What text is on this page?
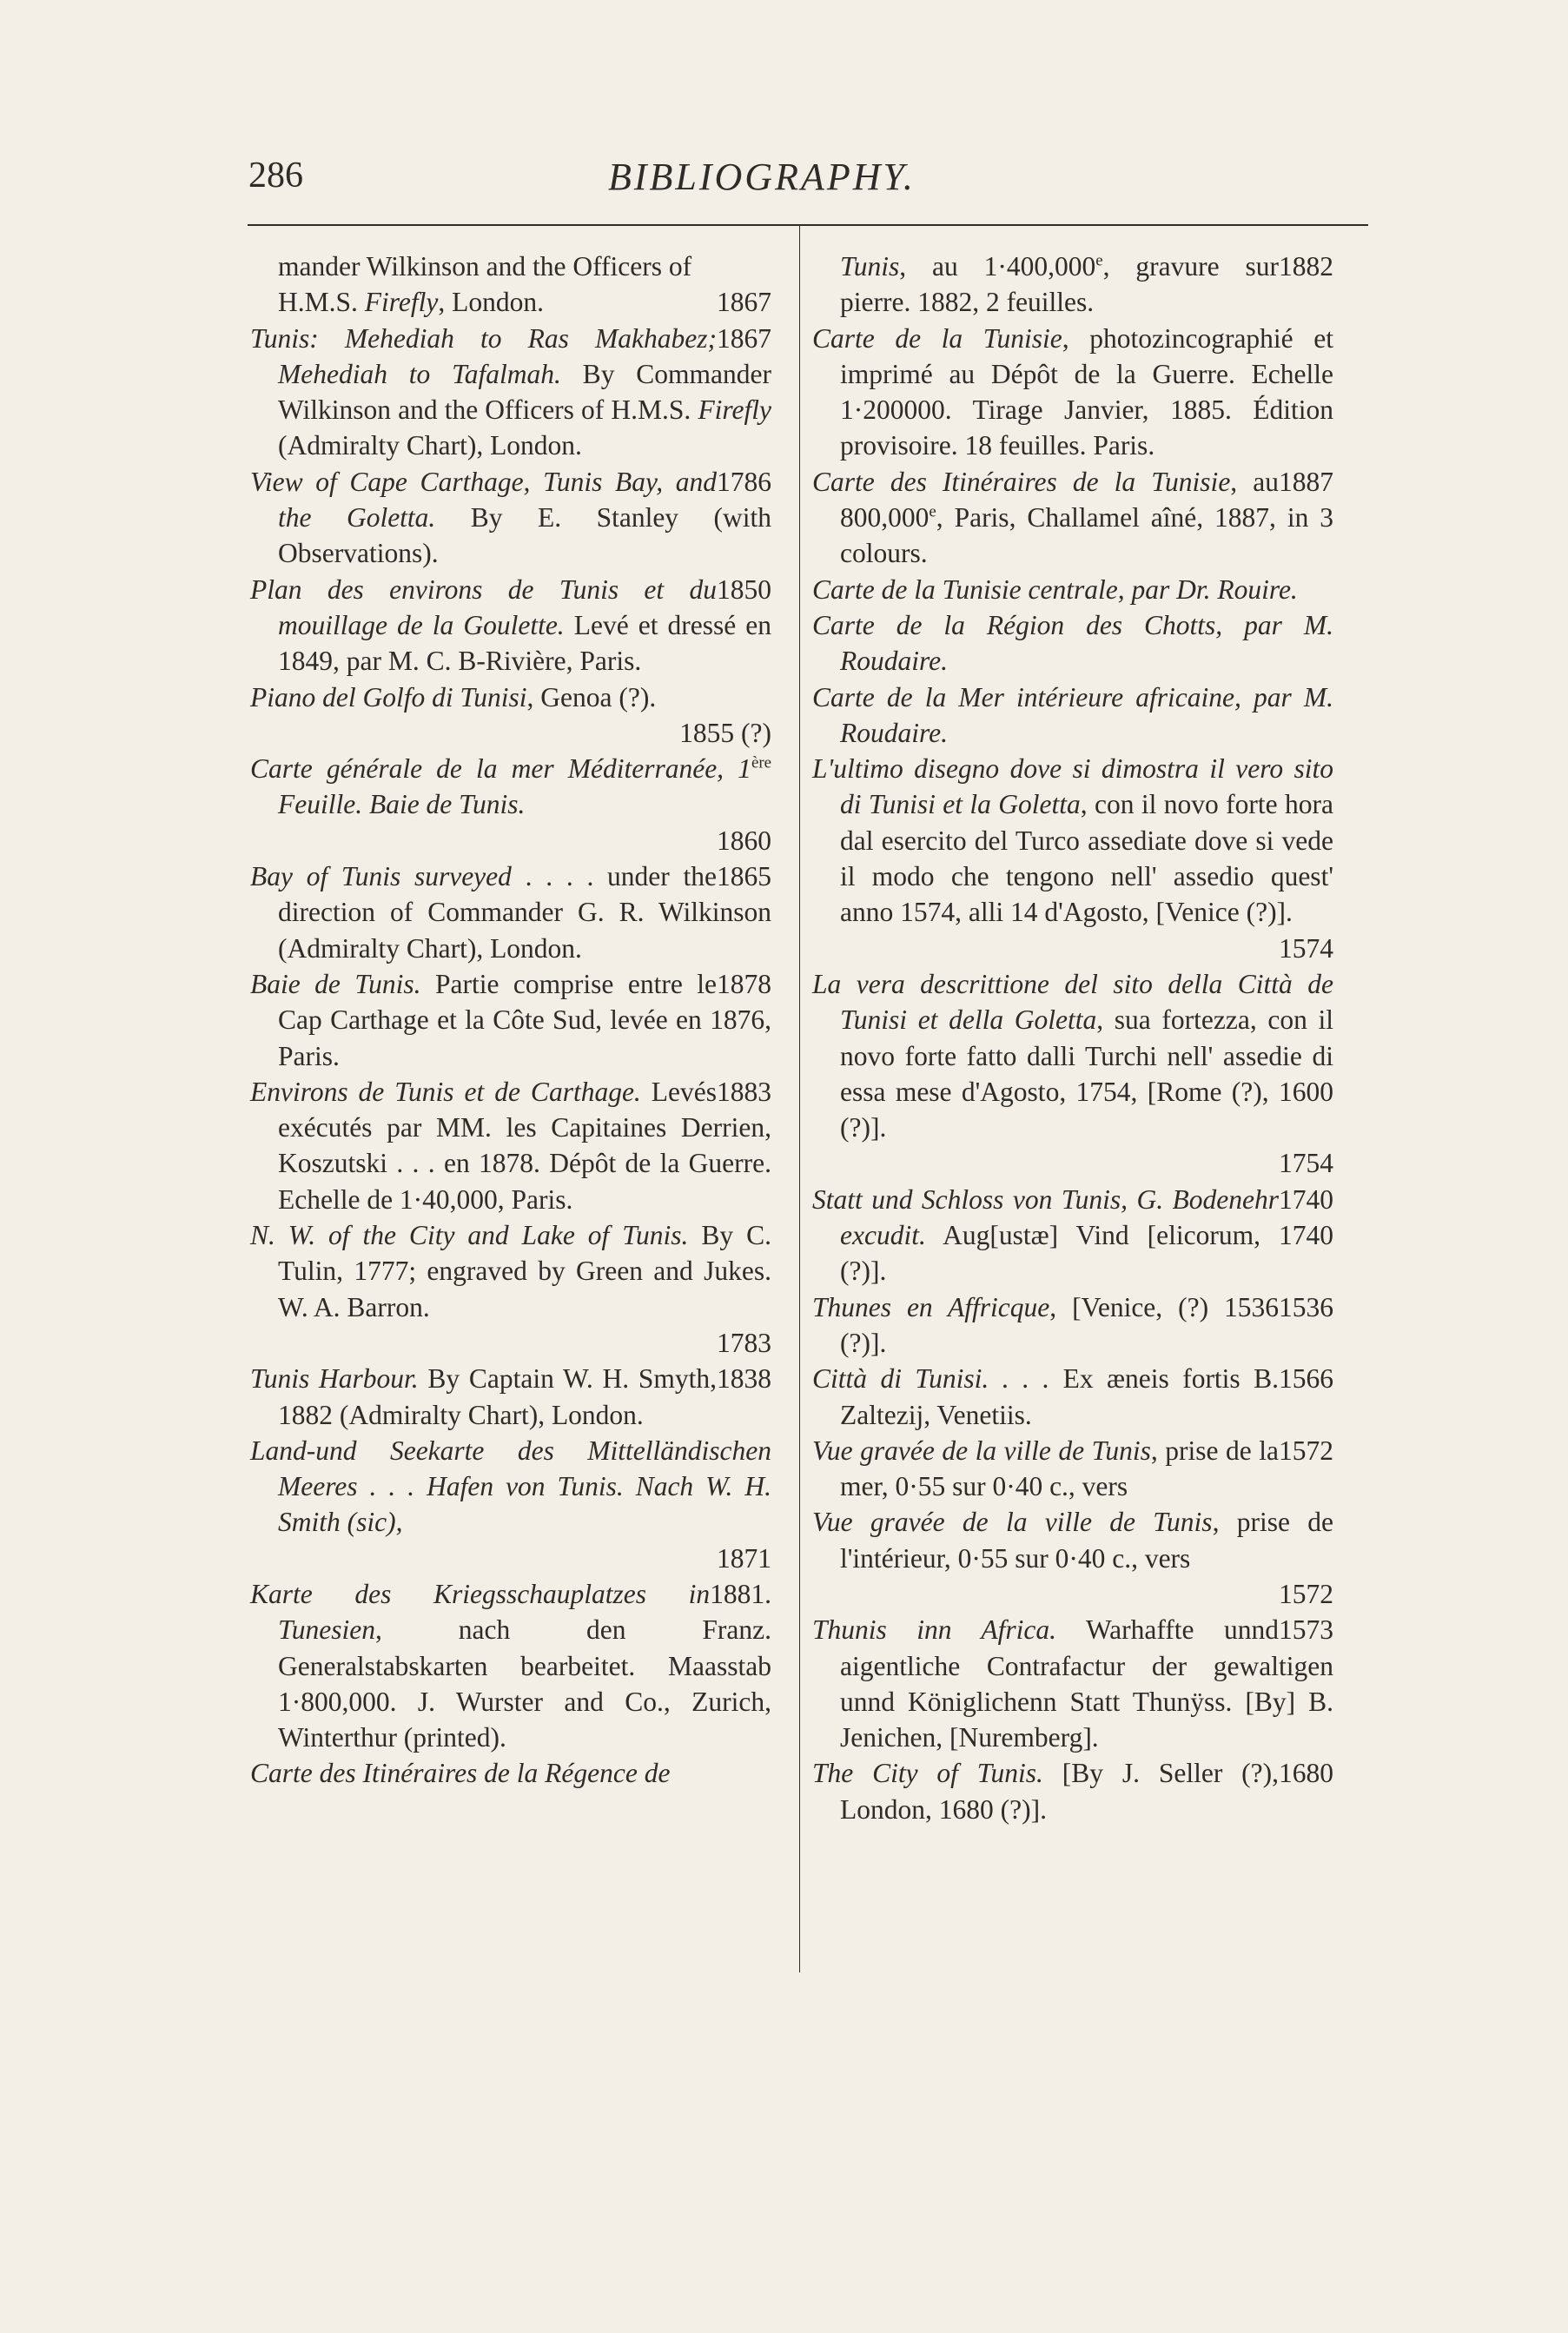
286	BIBLIOGRAPHY.

mander Wilkinson and the Officers of
1867
H.M.S. Firefly, London.

1867
Tunis: Mehediah to Ras Makhabez; Mehediah to Tafalmah. By Commander Wilkinson and the Officers of H.M.S. Firefly (Admiralty Chart), London.

1786
View of Cape Carthage, Tunis Bay, and the Goletta. By E. Stanley (with Observations).

1850
Plan des environs de Tunis et du mouillage de la Goulette. Levé et dressé en 1849, par M. C. B-Rivière, Paris.

Piano del Golfo di Tunisi, Genoa (?).
1855 (?)

Carte générale de la mer Méditerranée, 1ère Feuille. Baie de Tunis.
1860

1865
Bay of Tunis surveyed . . . . under the direction of Commander G. R. Wilkinson (Admiralty Chart), London.

1878
Baie de Tunis. Partie comprise entre le Cap Carthage et la Côte Sud, levée en 1876, Paris.

1883
Environs de Tunis et de Carthage. Levés exécutés par MM. les Capitaines Derrien, Koszutski . . . en 1878. Dépôt de la Guerre. Echelle de 1·40,000, Paris.

N. W. of the City and Lake of Tunis. By C. Tulin, 1777; engraved by Green and Jukes. W. A. Barron.
1783

1838
Tunis Harbour. By Captain W. H. Smyth, 1882 (Admiralty Chart), London.

Land-und Seekarte des Mittelländischen Meeres . . . Hafen von Tunis. Nach W. H. Smith (sic),
1871

1881.
Karte des Kriegsschauplatzes in Tunesien, nach den Franz. Generalstabskarten bearbeitet. Maasstab 1·800,000. J. Wurster and Co., Zurich, Winterthur (printed).

Carte des Itinéraires de la Régence de

1882
Tunis, au 1·400,000$^e$, gravure sur pierre. 1882, 2 feuilles.

Carte de la Tunisie, photozincographié et imprimé au Dépôt de la Guerre. Echelle 1·200000. Tirage Janvier, 1885. Édition provisoire. 18 feuilles. Paris.

1887
Carte des Itinéraires de la Tunisie, au 800,000e, Paris, Challamel aîné, 1887, in 3 colours.

Carte de la Tunisie centrale, par Dr. Rouire.

Carte de la Région des Chotts, par M. Roudaire.

Carte de la Mer intérieure africaine, par M. Roudaire.

L'ultimo disegno dove si dimostra il vero sito di Tunisi et la Goletta, con il novo forte hora dal esercito del Turco assediate dove si vede il modo che tengono nell' assedio quest' anno 1574, alli 14 d'Agosto, [Venice (?)].
1574

La vera descrittione del sito della Città de Tunisi et della Goletta, sua fortezza, con il novo forte fatto dalli Turchi nell' assedie di essa mese d'Agosto, 1754, [Rome (?), 1600 (?)].
1754

1740
Statt und Schloss von Tunis, G. Bodenehr excudit. Aug[ustæ] Vind [elicorum, 1740 (?)].

1536
Thunes en Affricque, [Venice, (?) 1536 (?)].

1566
Città di Tunisi. . . . Ex æneis fortis B. Zaltezij, Venetiis.

1572
Vue gravée de la ville de Tunis, prise de la mer, 0·55 sur 0·40 c., vers

Vue gravée de la ville de Tunis, prise de l'intérieur, 0·55 sur 0·40 c., vers
1572

1573
Thunis inn Africa. Warhaffte unnd aigentliche Contrafactur der gewaltigen unnd Königlichenn Statt Thunÿss. [By] B. Jenichen, [Nuremberg].

1680
The City of Tunis. [By J. Seller (?), London, 1680 (?)].
